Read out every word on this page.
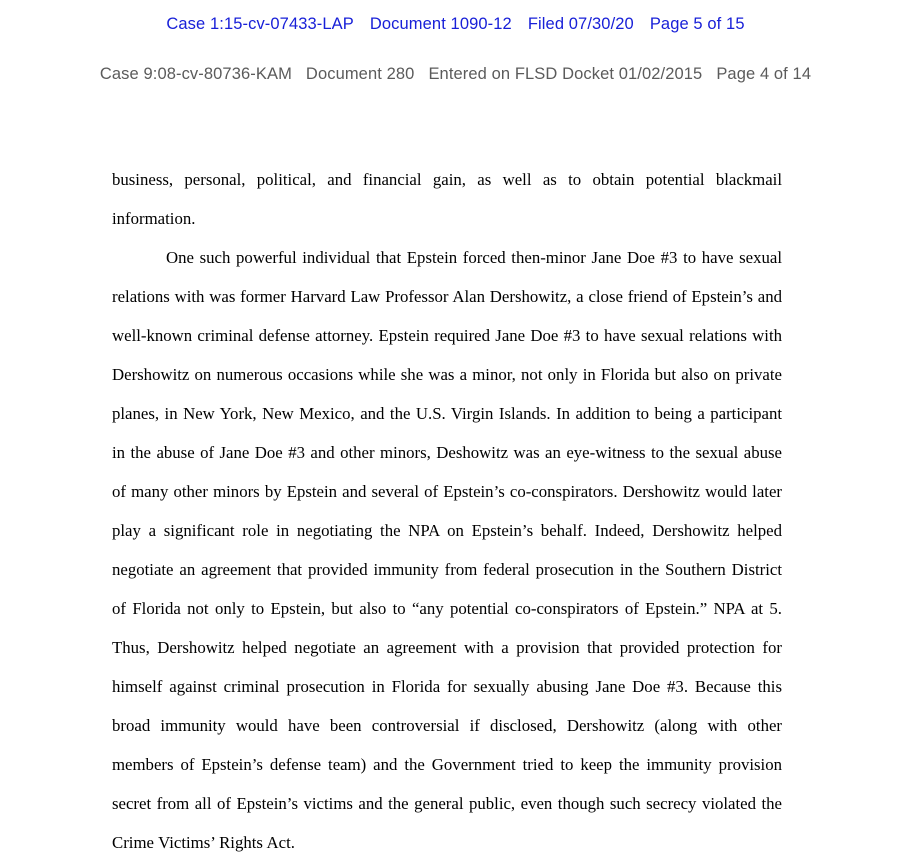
Case 1:15-cv-07433-LAP Document 1090-12 Filed 07/30/20 Page 5 of 15
Case 9:08-cv-80736-KAM Document 280 Entered on FLSD Docket 01/02/2015 Page 4 of 14

business, personal, political, and financial gain, as well as to obtain potential blackmail information.

One such powerful individual that Epstein forced then-minor Jane Doe #3 to have sexual relations with was former Harvard Law Professor Alan Dershowitz, a close friend of Epstein’s and well-known criminal defense attorney. Epstein required Jane Doe #3 to have sexual relations with Dershowitz on numerous occasions while she was a minor, not only in Florida but also on private planes, in New York, New Mexico, and the U.S. Virgin Islands. In addition to being a participant in the abuse of Jane Doe #3 and other minors, Deshowitz was an eye-witness to the sexual abuse of many other minors by Epstein and several of Epstein’s co-conspirators. Dershowitz would later play a significant role in negotiating the NPA on Epstein’s behalf. Indeed, Dershowitz helped negotiate an agreement that provided immunity from federal prosecution in the Southern District of Florida not only to Epstein, but also to “any potential co-conspirators of Epstein.” NPA at 5. Thus, Dershowitz helped negotiate an agreement with a provision that provided protection for himself against criminal prosecution in Florida for sexually abusing Jane Doe #3. Because this broad immunity would have been controversial if disclosed, Dershowitz (along with other members of Epstein’s defense team) and the Government tried to keep the immunity provision secret from all of Epstein’s victims and the general public, even though such secrecy violated the Crime Victims’ Rights Act.
